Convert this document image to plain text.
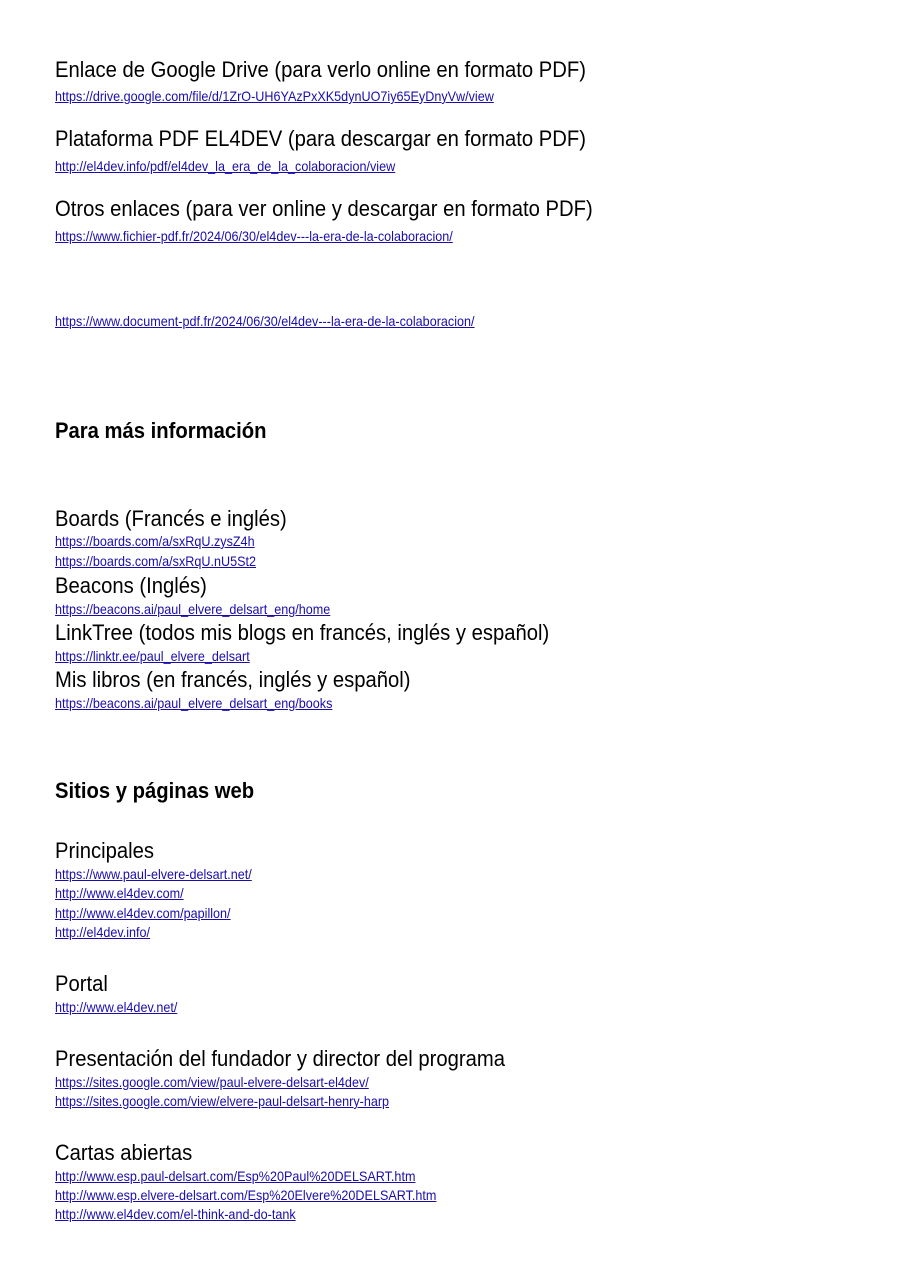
Enlace de Google Drive (para verlo online en formato PDF)
https://drive.google.com/file/d/1ZrO-UH6YAzPxXK5dynUO7iy65EyDnyVw/view
Plataforma PDF EL4DEV (para descargar en formato PDF)
http://el4dev.info/pdf/el4dev_la_era_de_la_colaboracion/view
Otros enlaces (para ver online y descargar en formato PDF)
https://www.fichier-pdf.fr/2024/06/30/el4dev---la-era-de-la-colaboracion/
https://www.document-pdf.fr/2024/06/30/el4dev---la-era-de-la-colaboracion/
Para más información
Boards (Francés e inglés)
https://boards.com/a/sxRqU.zysZ4h
https://boards.com/a/sxRqU.nU5St2
Beacons (Inglés)
https://beacons.ai/paul_elvere_delsart_eng/home
LinkTree (todos mis blogs en francés, inglés y español)
https://linktr.ee/paul_elvere_delsart
Mis libros (en francés, inglés y español)
https://beacons.ai/paul_elvere_delsart_eng/books
Sitios y páginas web
Principales
https://www.paul-elvere-delsart.net/
http://www.el4dev.com/
http://www.el4dev.com/papillon/
http://el4dev.info/
Portal
http://www.el4dev.net/
Presentación del fundador y director del programa
https://sites.google.com/view/paul-elvere-delsart-el4dev/
https://sites.google.com/view/elvere-paul-delsart-henry-harp
Cartas abiertas
http://www.esp.paul-delsart.com/Esp%20Paul%20DELSART.htm
http://www.esp.elvere-delsart.com/Esp%20Elvere%20DELSART.htm
http://www.el4dev.com/el-think-and-do-tank
